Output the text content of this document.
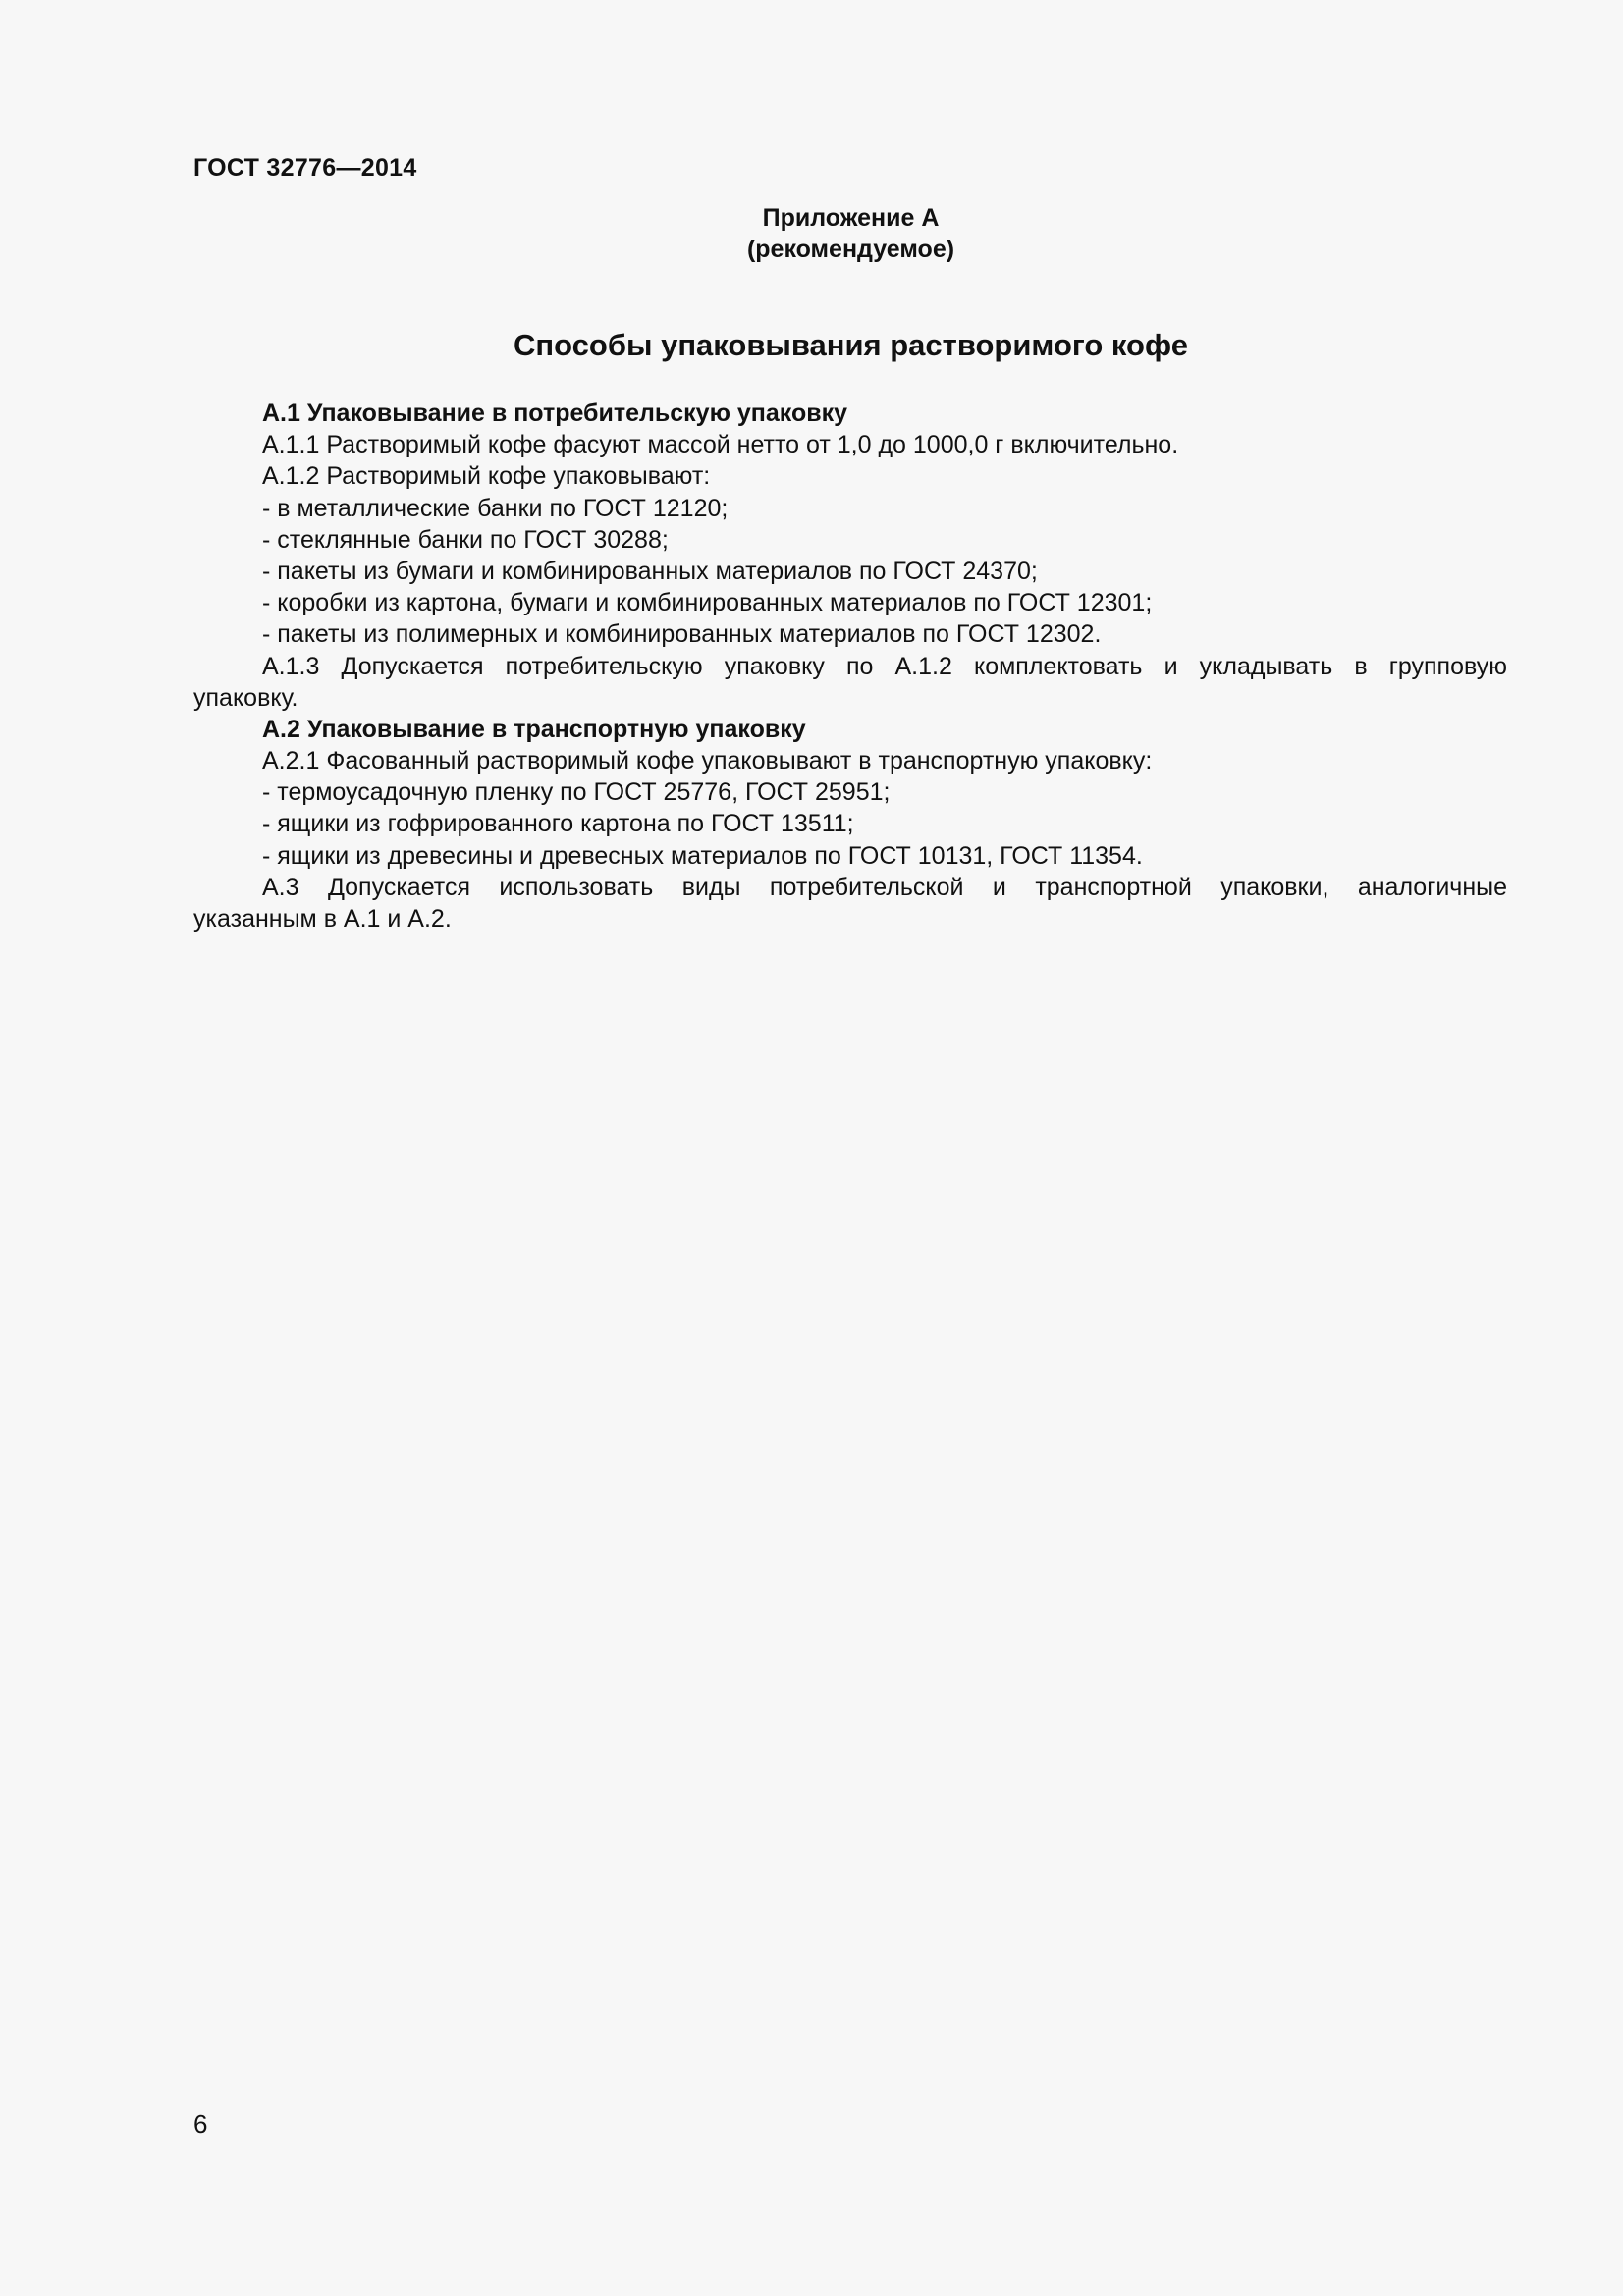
ГОСТ 32776—2014
Приложение А
(рекомендуемое)
Способы упаковывания растворимого кофе
А.1 Упаковывание в потребительскую упаковку
А.1.1 Растворимый кофе фасуют массой нетто от 1,0 до 1000,0 г включительно.
А.1.2 Растворимый кофе упаковывают:
- в металлические банки по ГОСТ 12120;
- стеклянные банки по ГОСТ 30288;
- пакеты из бумаги и комбинированных материалов по ГОСТ 24370;
- коробки из картона, бумаги и комбинированных материалов по ГОСТ 12301;
- пакеты из полимерных и комбинированных материалов по ГОСТ 12302.
А.1.3 Допускается потребительскую упаковку по А.1.2 комплектовать и укладывать в групповую
упаковку.
А.2 Упаковывание в транспортную упаковку
А.2.1 Фасованный растворимый кофе упаковывают в транспортную упаковку:
- термоусадочную пленку по ГОСТ 25776, ГОСТ 25951;
- ящики из гофрированного картона по ГОСТ 13511;
- ящики из древесины и древесных материалов по ГОСТ 10131, ГОСТ 11354.
А.3 Допускается использовать виды потребительской и транспортной упаковки, аналогичные
указанным в А.1 и А.2.
6
